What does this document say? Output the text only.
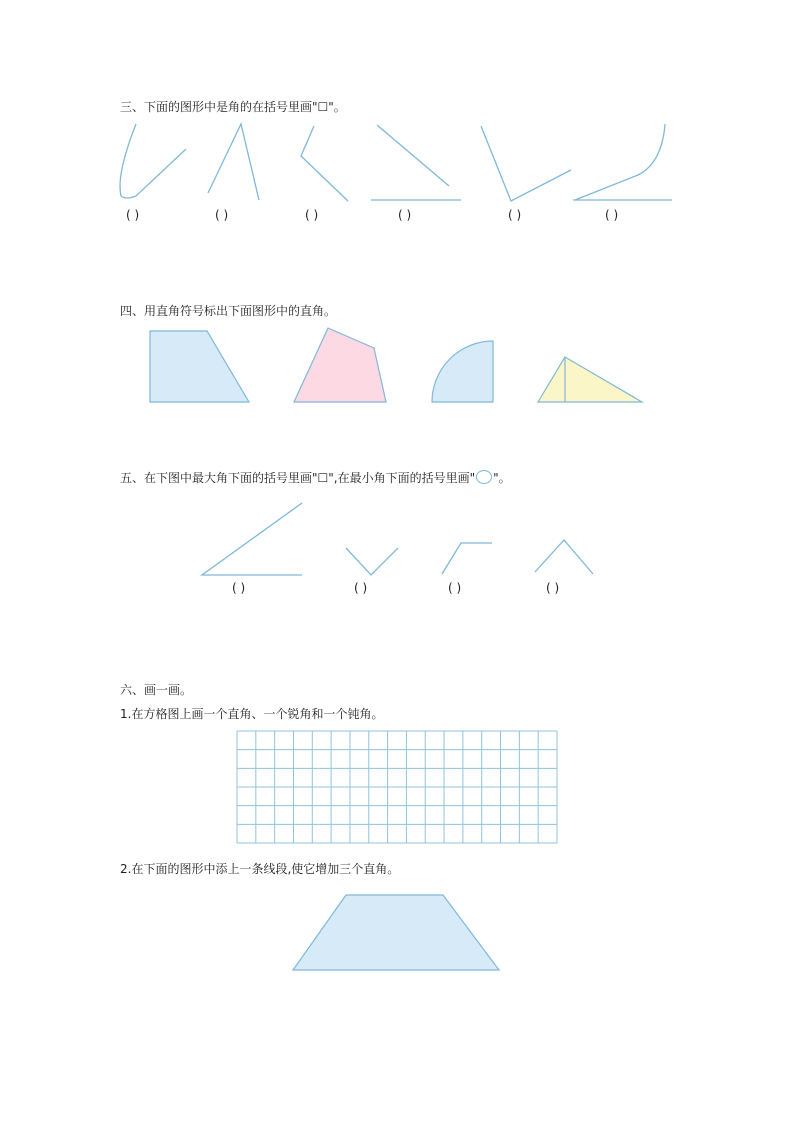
三、下面的图形中是角的在括号里画"☐"。
( )	( )	( )	( )	( )	( )
四、用直角符号标出下面图形中的直角。
五、在下图中最大角下面的括号里画"☐",在最小角下面的括号里画" "。
( )	( )	( )	( )
六、画一画。
1.在方格图上画一个直角、一个锐角和一个钝角。
2.在下面的图形中添上一条线段,使它增加三个直角。
